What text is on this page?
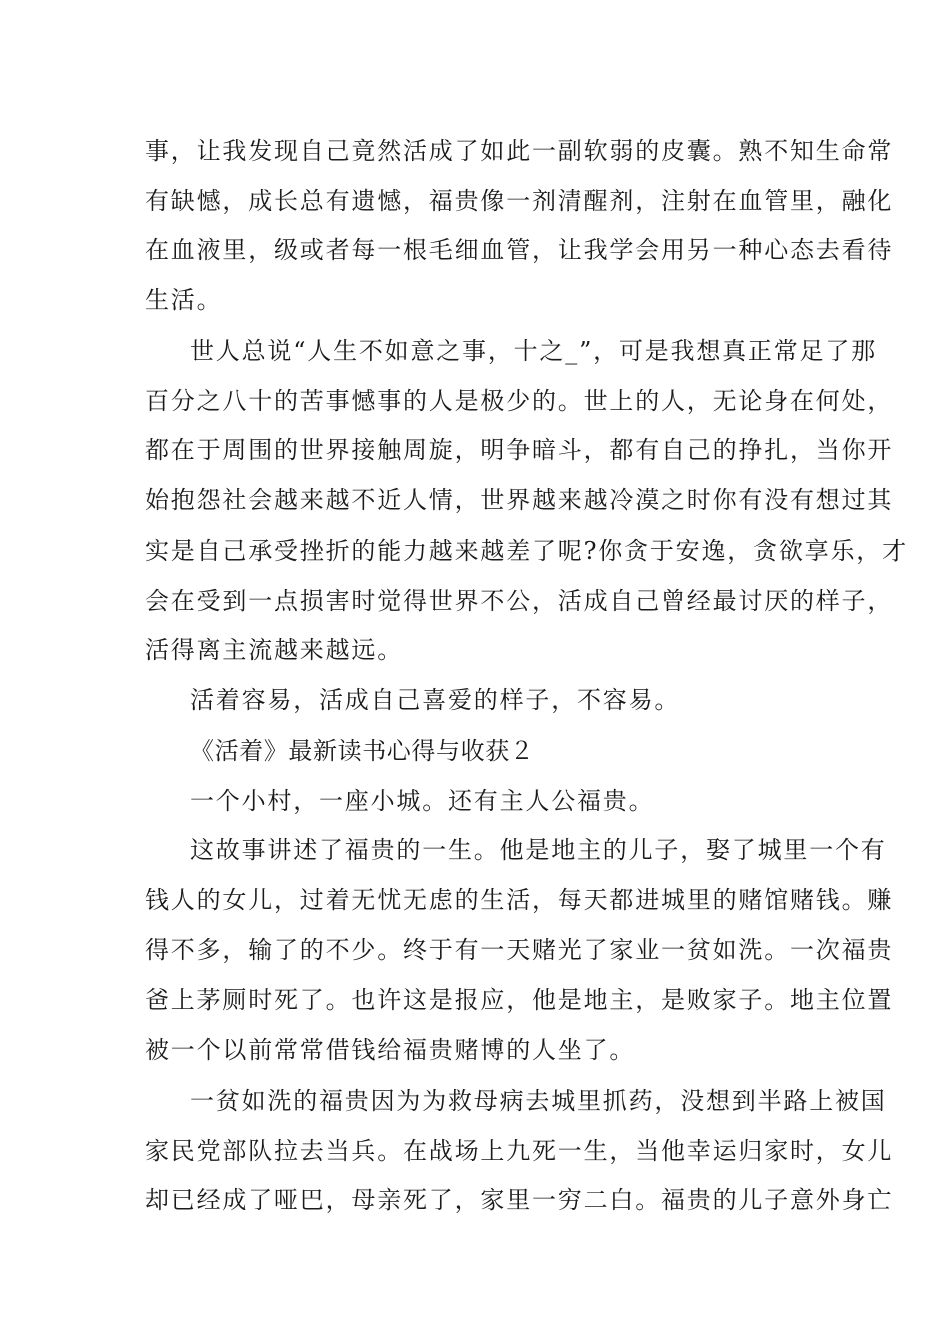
事，让我发现自己竟然活成了如此一副软弱的皮囊。熟不知生命常
有缺憾，成长总有遗憾，福贵像一剂清醒剂，注射在血管里，融化
在血液里，级或者每一根毛细血管，让我学会用另一种心态去看待
生活。
世人总说“人生不如意之事，十之_”，可是我想真正常足了那
百分之八十的苦事憾事的人是极少的。世上的人，无论身在何处，
都在于周围的世界接触周旋，明争暗斗，都有自己的挣扎，当你开
始抱怨社会越来越不近人情，世界越来越冷漠之时你有没有想过其
实是自己承受挫折的能力越来越差了呢?你贪于安逸，贪欲享乐，才
会在受到一点损害时觉得世界不公，活成自己曾经最讨厌的样子，
活得离主流越来越远。
活着容易，活成自己喜爱的样子，不容易。
《活着》最新读书心得与收获２
一个小村，一座小城。还有主人公福贵。
这故事讲述了福贵的一生。他是地主的儿子，娶了城里一个有
钱人的女儿，过着无忧无虑的生活，每天都进城里的赌馆赌钱。赚
得不多，输了的不少。终于有一天赌光了家业一贫如洗。一次福贵
爸上茅厕时死了。也许这是报应，他是地主，是败家子。地主位置
被一个以前常常借钱给福贵赌博的人坐了。
一贫如洗的福贵因为为救母病去城里抓药，没想到半路上被国
家民党部队拉去当兵。在战场上九死一生，当他幸运归家时，女儿
却已经成了哑巴，母亲死了，家里一穷二白。福贵的儿子意外身亡
